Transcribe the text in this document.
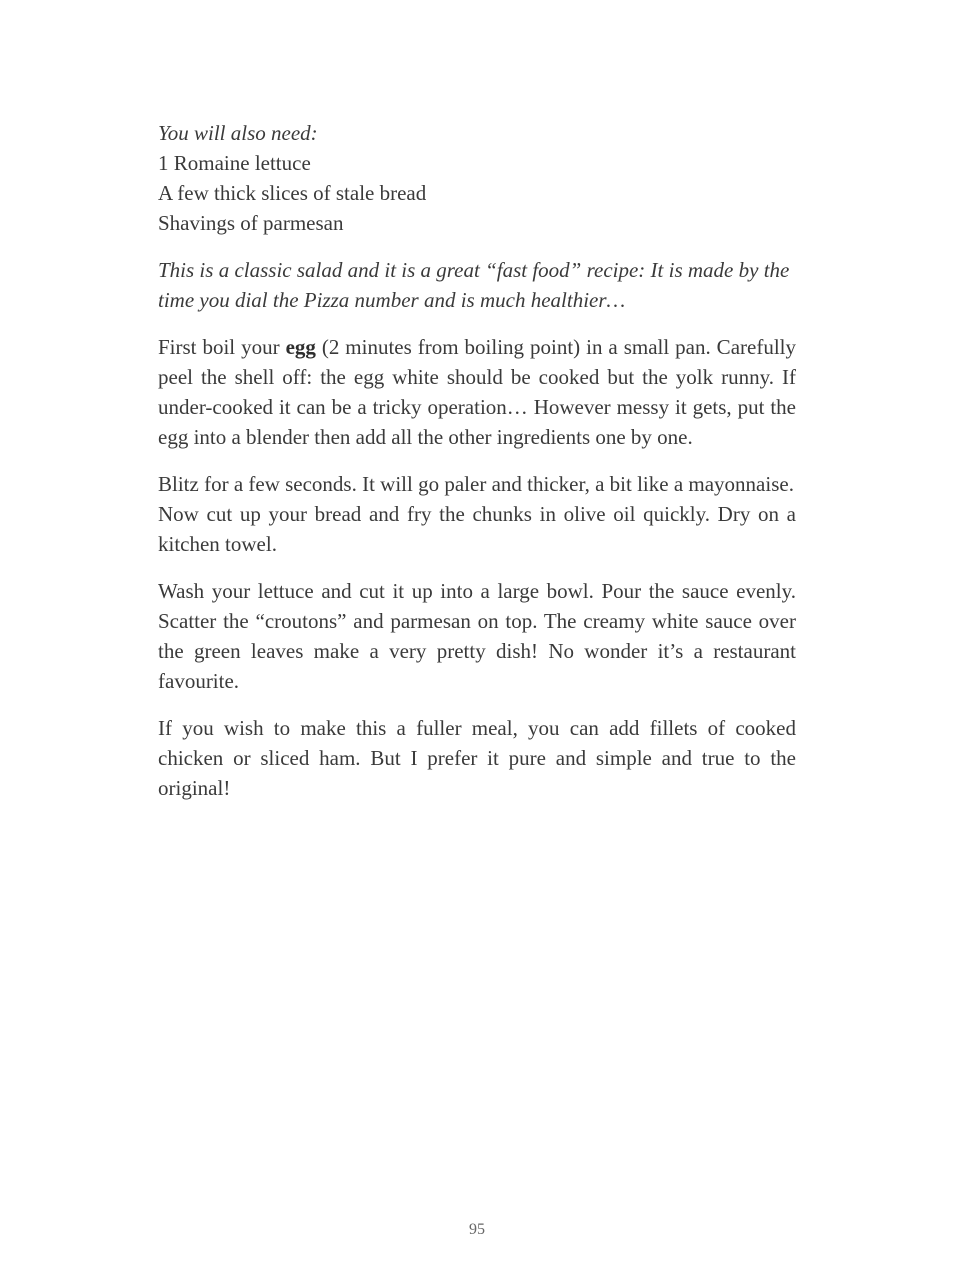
You will also need:

1 Romaine lettuce

A few thick slices of stale bread

Shavings of parmesan

This is a classic salad and it is a great “fast food” recipe: It is made by the time you dial the Pizza number and is much healthier…

First boil your egg (2 minutes from boiling point) in a small pan. Carefully peel the shell off: the egg white should be cooked but the yolk runny. If under-cooked it can be a tricky operation… However messy it gets, put the egg into a blender then add all the other ingredients one by one.

Blitz for a few seconds. It will go paler and thicker, a bit like a mayonnaise.

Now cut up your bread and fry the chunks in olive oil quickly. Dry on a kitchen towel.

Wash your lettuce and cut it up into a large bowl. Pour the sauce evenly. Scatter the “croutons” and parmesan on top. The creamy white sauce over the green leaves make a very pretty dish! No wonder it’s a restaurant favourite.

If you wish to make this a fuller meal, you can add fillets of cooked chicken or sliced ham. But I prefer it pure and simple and true to the original!

95
